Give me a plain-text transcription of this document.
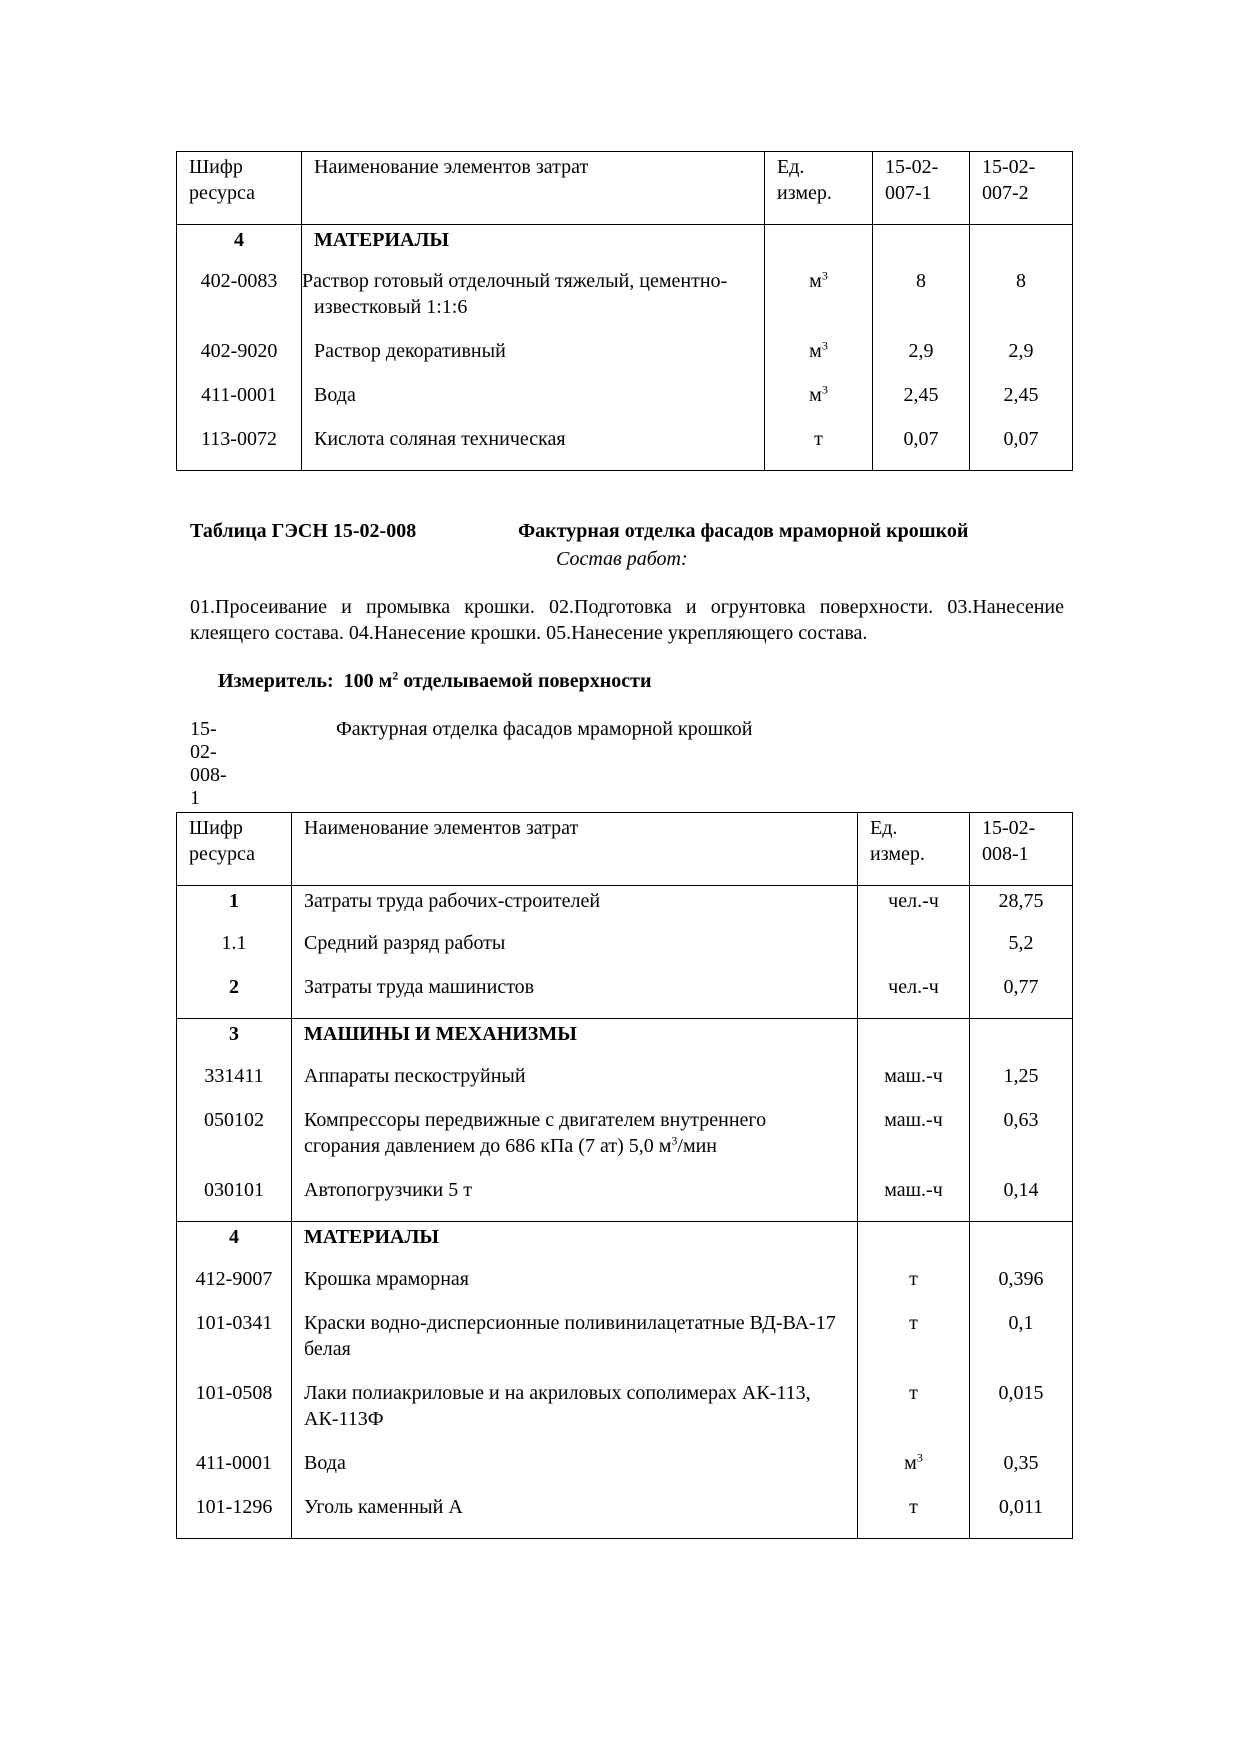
Шифр ресурса	Наименование элементов затрат	Ед. измер.	15-02-007-1	15-02-007-2
4	МАТЕРИАЛЫ			
402-0083	Раствор готовый отделочный тяжелый, цементно-известковый 1:1:6	$м^3$	8	8
402-9020	Раствор декоративный	$м^3$	2,9	2,9
411-0001	Вода	$м^3$	2,45	2,45
113-0072	Кислота соляная техническая	т	0,07	0,07
Таблица ГЭСН 15-02-008	Фактурная отделка фасадов мраморной крошкой
Состав работ:
01.Просеивание и промывка крошки. 02.Подготовка и огрунтовка поверхности. 03.Нанесение клеящего состава. 04.Нанесение крошки. 05.Нанесение укрепляющего состава.
Измеритель: 100 $м^2$ отделываемой поверхности
15-02-008-1
Фактурная отделка фасадов мраморной крошкой
Шифр ресурса	Наименование элементов затрат	Ед. измер.	15-02-008-1
1	Затраты труда рабочих-строителей	чел.-ч	28,75
1.1	Средний разряд работы		5,2
2	Затраты труда машинистов	чел.-ч	0,77
3	МАШИНЫ И МЕХАНИЗМЫ		
331411	Аппараты пескоструйный	маш.-ч	1,25
050102	Компрессоры передвижные с двигателем внутреннего сгорания давлением до 686 кПа (7 ат) 5,0 $м^3$/мин	маш.-ч	0,63
030101	Автопогрузчики 5 т	маш.-ч	0,14
4	МАТЕРИАЛЫ		
412-9007	Крошка мраморная	т	0,396
101-0341	Краски водно-дисперсионные поливинилацетатные ВД-ВА-17 белая	т	0,1
101-0508	Лаки полиакриловые и на акриловых сополимерах АК-113, АК-113Ф	т	0,015
411-0001	Вода	$м^3$	0,35
101-1296	Уголь каменный А	т	0,011
